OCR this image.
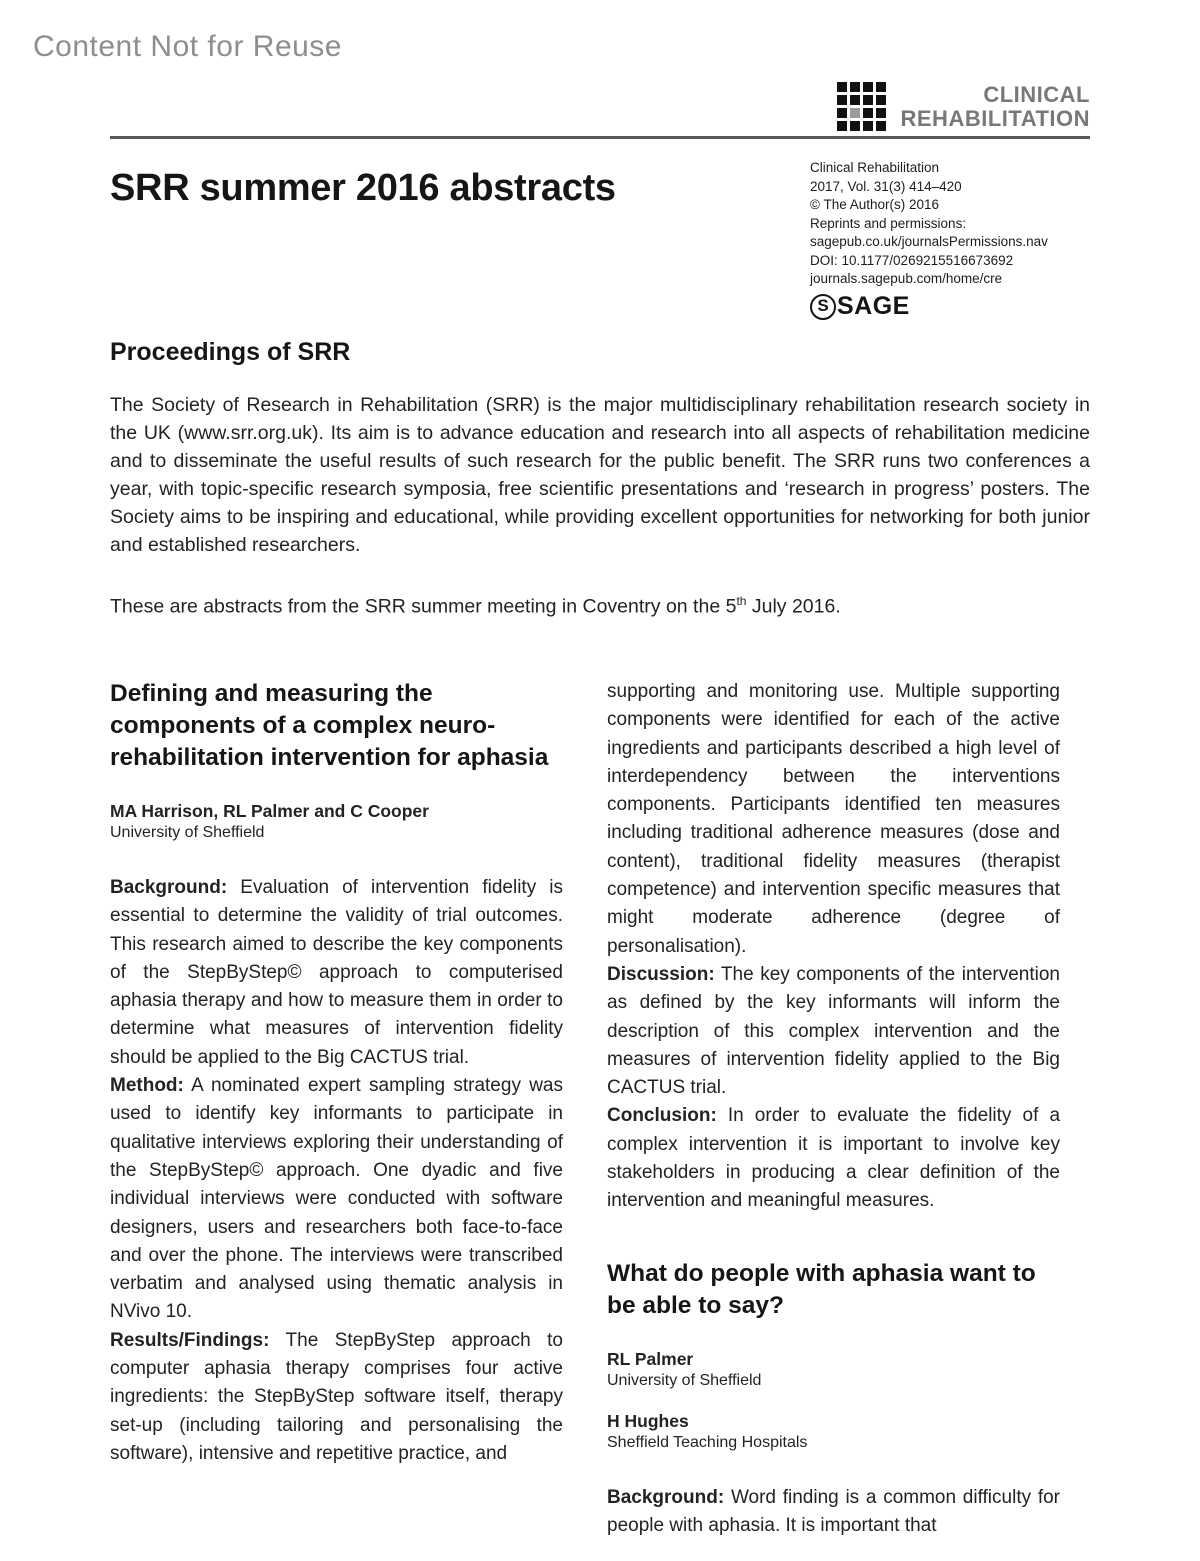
Content Not for Reuse
CLINICAL
REHABILITATION
SRR summer 2016 abstracts	Clinical Rehabilitation
2017, Vol. 31(3) 414–420
© The Author(s) 2016
Reprints and permissions:
sagepub.co.uk/journalsPermissions.nav
DOI: 10.1177/0269215516673692
journals.sagepub.com/home/cre
S SAGE
Proceedings of SRR

The Society of Research in Rehabilitation (SRR) is the major multidisciplinary rehabilitation research society in the UK (www.srr.org.uk). Its aim is to advance education and research into all aspects of rehabilitation medicine and to disseminate the useful results of such research for the public benefit. The SRR runs two conferences a year, with topic-specific research symposia, free scientific presentations and ‘research in progress’ posters. The Society aims to be inspiring and educational, while providing excellent opportunities for networking for both junior and established researchers.

These are abstracts from the SRR summer meeting in Coventry on the 5th July 2016.

Defining and measuring the components of a complex neuro-rehabilitation intervention for aphasia
MA Harrison, RL Palmer and C Cooper
University of Sheffield

Background: Evaluation of intervention fidelity is essential to determine the validity of trial outcomes. This research aimed to describe the key components of the StepByStep© approach to computerised aphasia therapy and how to measure them in order to determine what measures of intervention fidelity should be applied to the Big CACTUS trial.

Method: A nominated expert sampling strategy was used to identify key informants to participate in qualitative interviews exploring their understanding of the StepByStep© approach. One dyadic and five individual interviews were conducted with software designers, users and researchers both face-to-face and over the phone. The interviews were transcribed verbatim and analysed using thematic analysis in NVivo 10.

Results/Findings: The StepByStep approach to computer aphasia therapy comprises four active ingredients: the StepByStep software itself, therapy set-up (including tailoring and personalising the software), intensive and repetitive practice, and

supporting and monitoring use. Multiple supporting components were identified for each of the active ingredients and participants described a high level of interdependency between the interventions components. Participants identified ten measures including traditional adherence measures (dose and content), traditional fidelity measures (therapist competence) and intervention specific measures that might moderate adherence (degree of personalisation).

Discussion: The key components of the intervention as defined by the key informants will inform the description of this complex intervention and the measures of intervention fidelity applied to the Big CACTUS trial.

Conclusion: In order to evaluate the fidelity of a complex intervention it is important to involve key stakeholders in producing a clear definition of the intervention and meaningful measures.

What do people with aphasia want to be able to say?
RL Palmer
University of Sheffield
H Hughes
Sheffield Teaching Hospitals

Background: Word finding is a common difficulty for people with aphasia. It is important that
